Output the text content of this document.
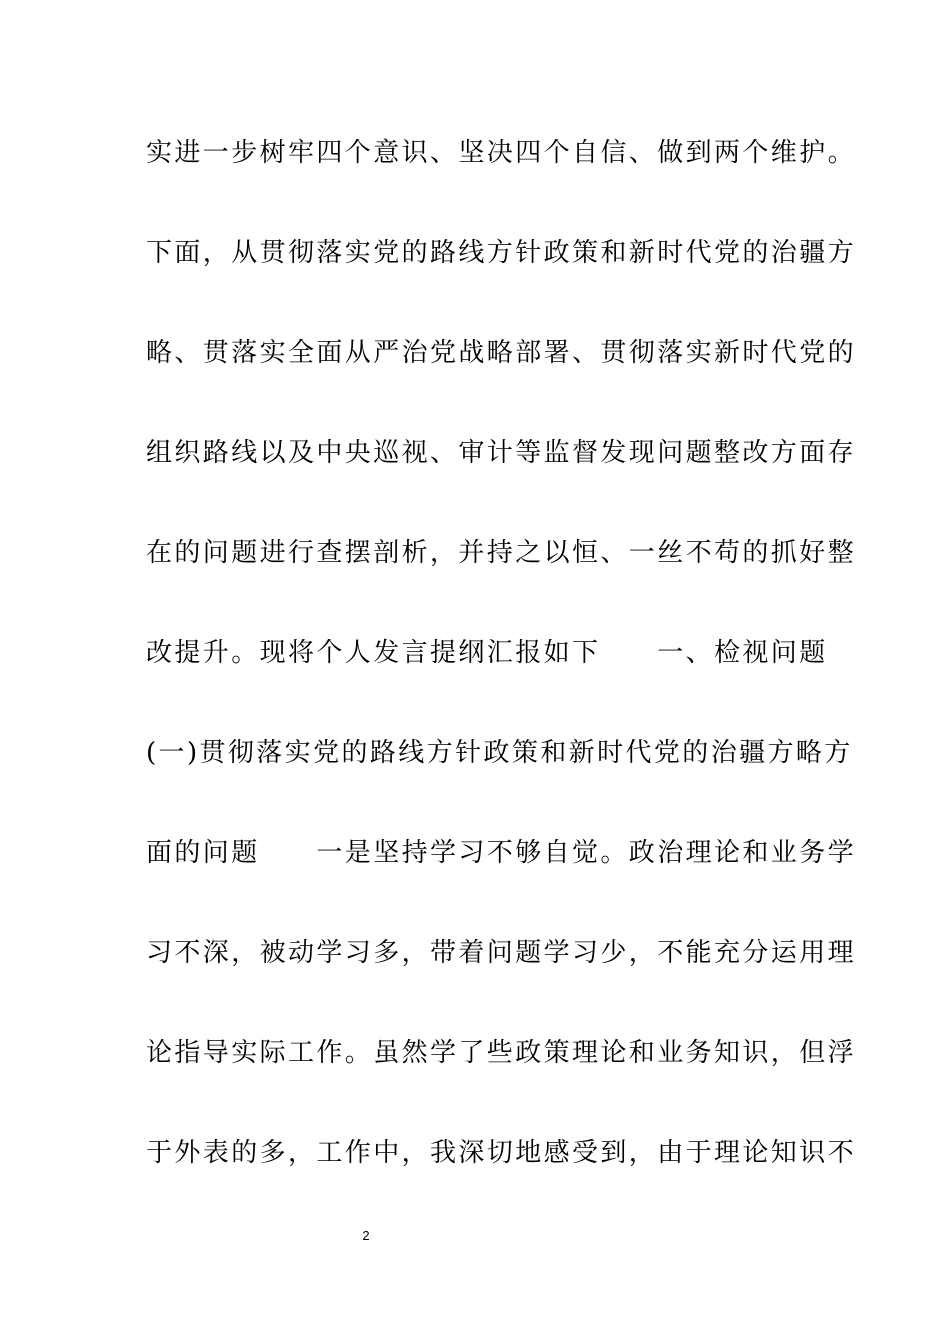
实进一步树牢四个意识、坚决四个自信、做到两个维护。
下面，从贯彻落实党的路线方针政策和新时代党的治疆方
略、贯落实全面从严治党战略部署、贯彻落实新时代党的
组织路线以及中央巡视、审计等监督发现问题整改方面存
在的问题进行查摆剖析，并持之以恒、一丝不苟的抓好整
改提升。现将个人发言提纲汇报如下　　一、检视问题
(一)贯彻落实党的路线方针政策和新时代党的治疆方略方
面的问题　　一是坚持学习不够自觉。政治理论和业务学
习不深，被动学习多，带着问题学习少，不能充分运用理
论指导实际工作。虽然学了些政策理论和业务知识，但浮
于外表的多，工作中，我深切地感受到，由于理论知识不
2
